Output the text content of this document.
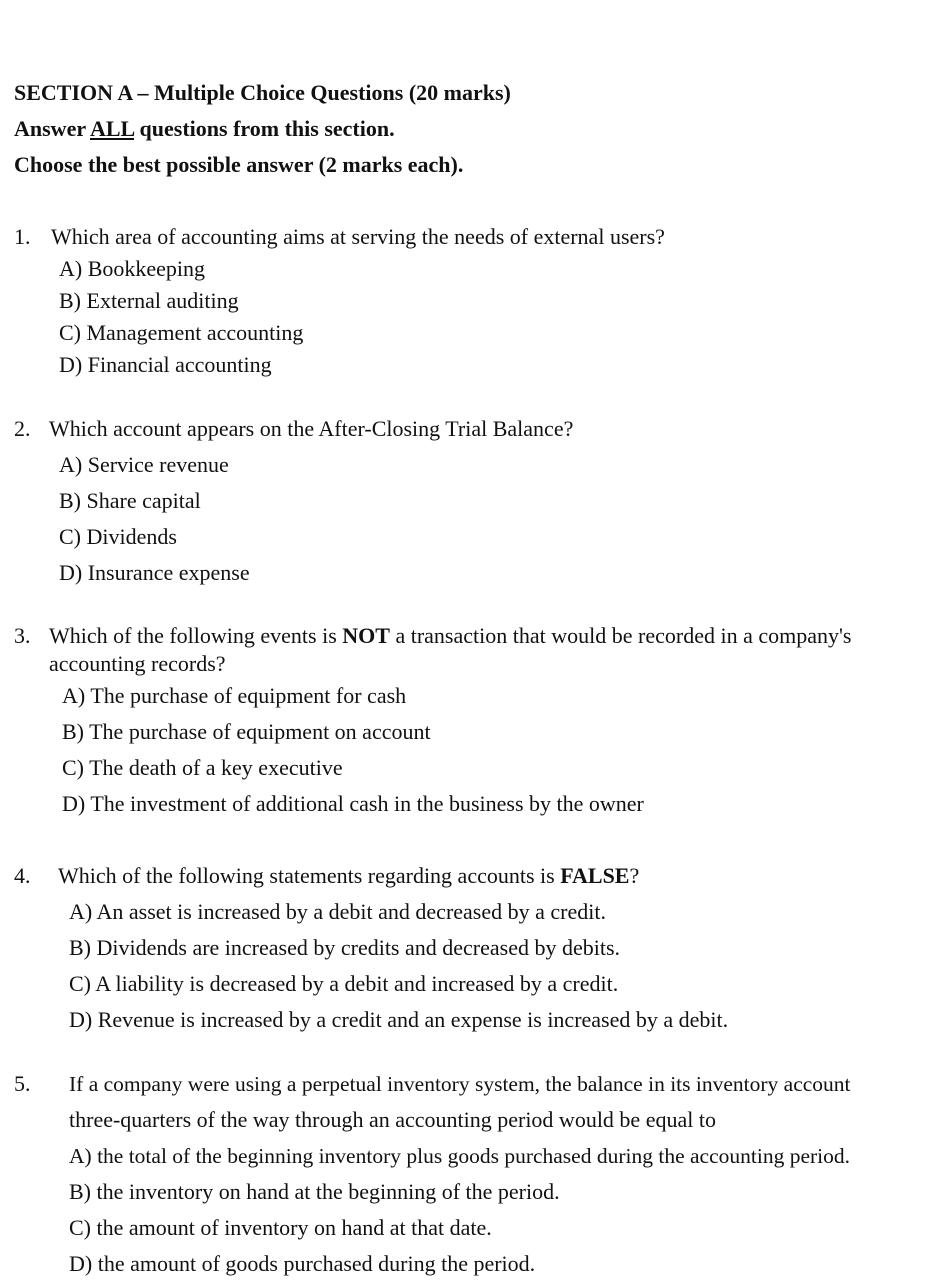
SECTION A – Multiple Choice Questions (20 marks)
Answer ALL questions from this section.
Choose the best possible answer (2 marks each).
1. Which area of accounting aims at serving the needs of external users?
A) Bookkeeping
B) External auditing
C) Management accounting
D) Financial accounting
2. Which account appears on the After-Closing Trial Balance?
A) Service revenue
B) Share capital
C) Dividends
D) Insurance expense
3. Which of the following events is NOT a transaction that would be recorded in a company's
accounting records?
A) The purchase of equipment for cash
B) The purchase of equipment on account
C) The death of a key executive
D) The investment of additional cash in the business by the owner
4. Which of the following statements regarding accounts is FALSE?
A) An asset is increased by a debit and decreased by a credit.
B) Dividends are increased by credits and decreased by debits.
C) A liability is decreased by a debit and increased by a credit.
D) Revenue is increased by a credit and an expense is increased by a debit.
5. If a company were using a perpetual inventory system, the balance in its inventory account
three-quarters of the way through an accounting period would be equal to
A) the total of the beginning inventory plus goods purchased during the accounting period.
B) the inventory on hand at the beginning of the period.
C) the amount of inventory on hand at that date.
D) the amount of goods purchased during the period.
